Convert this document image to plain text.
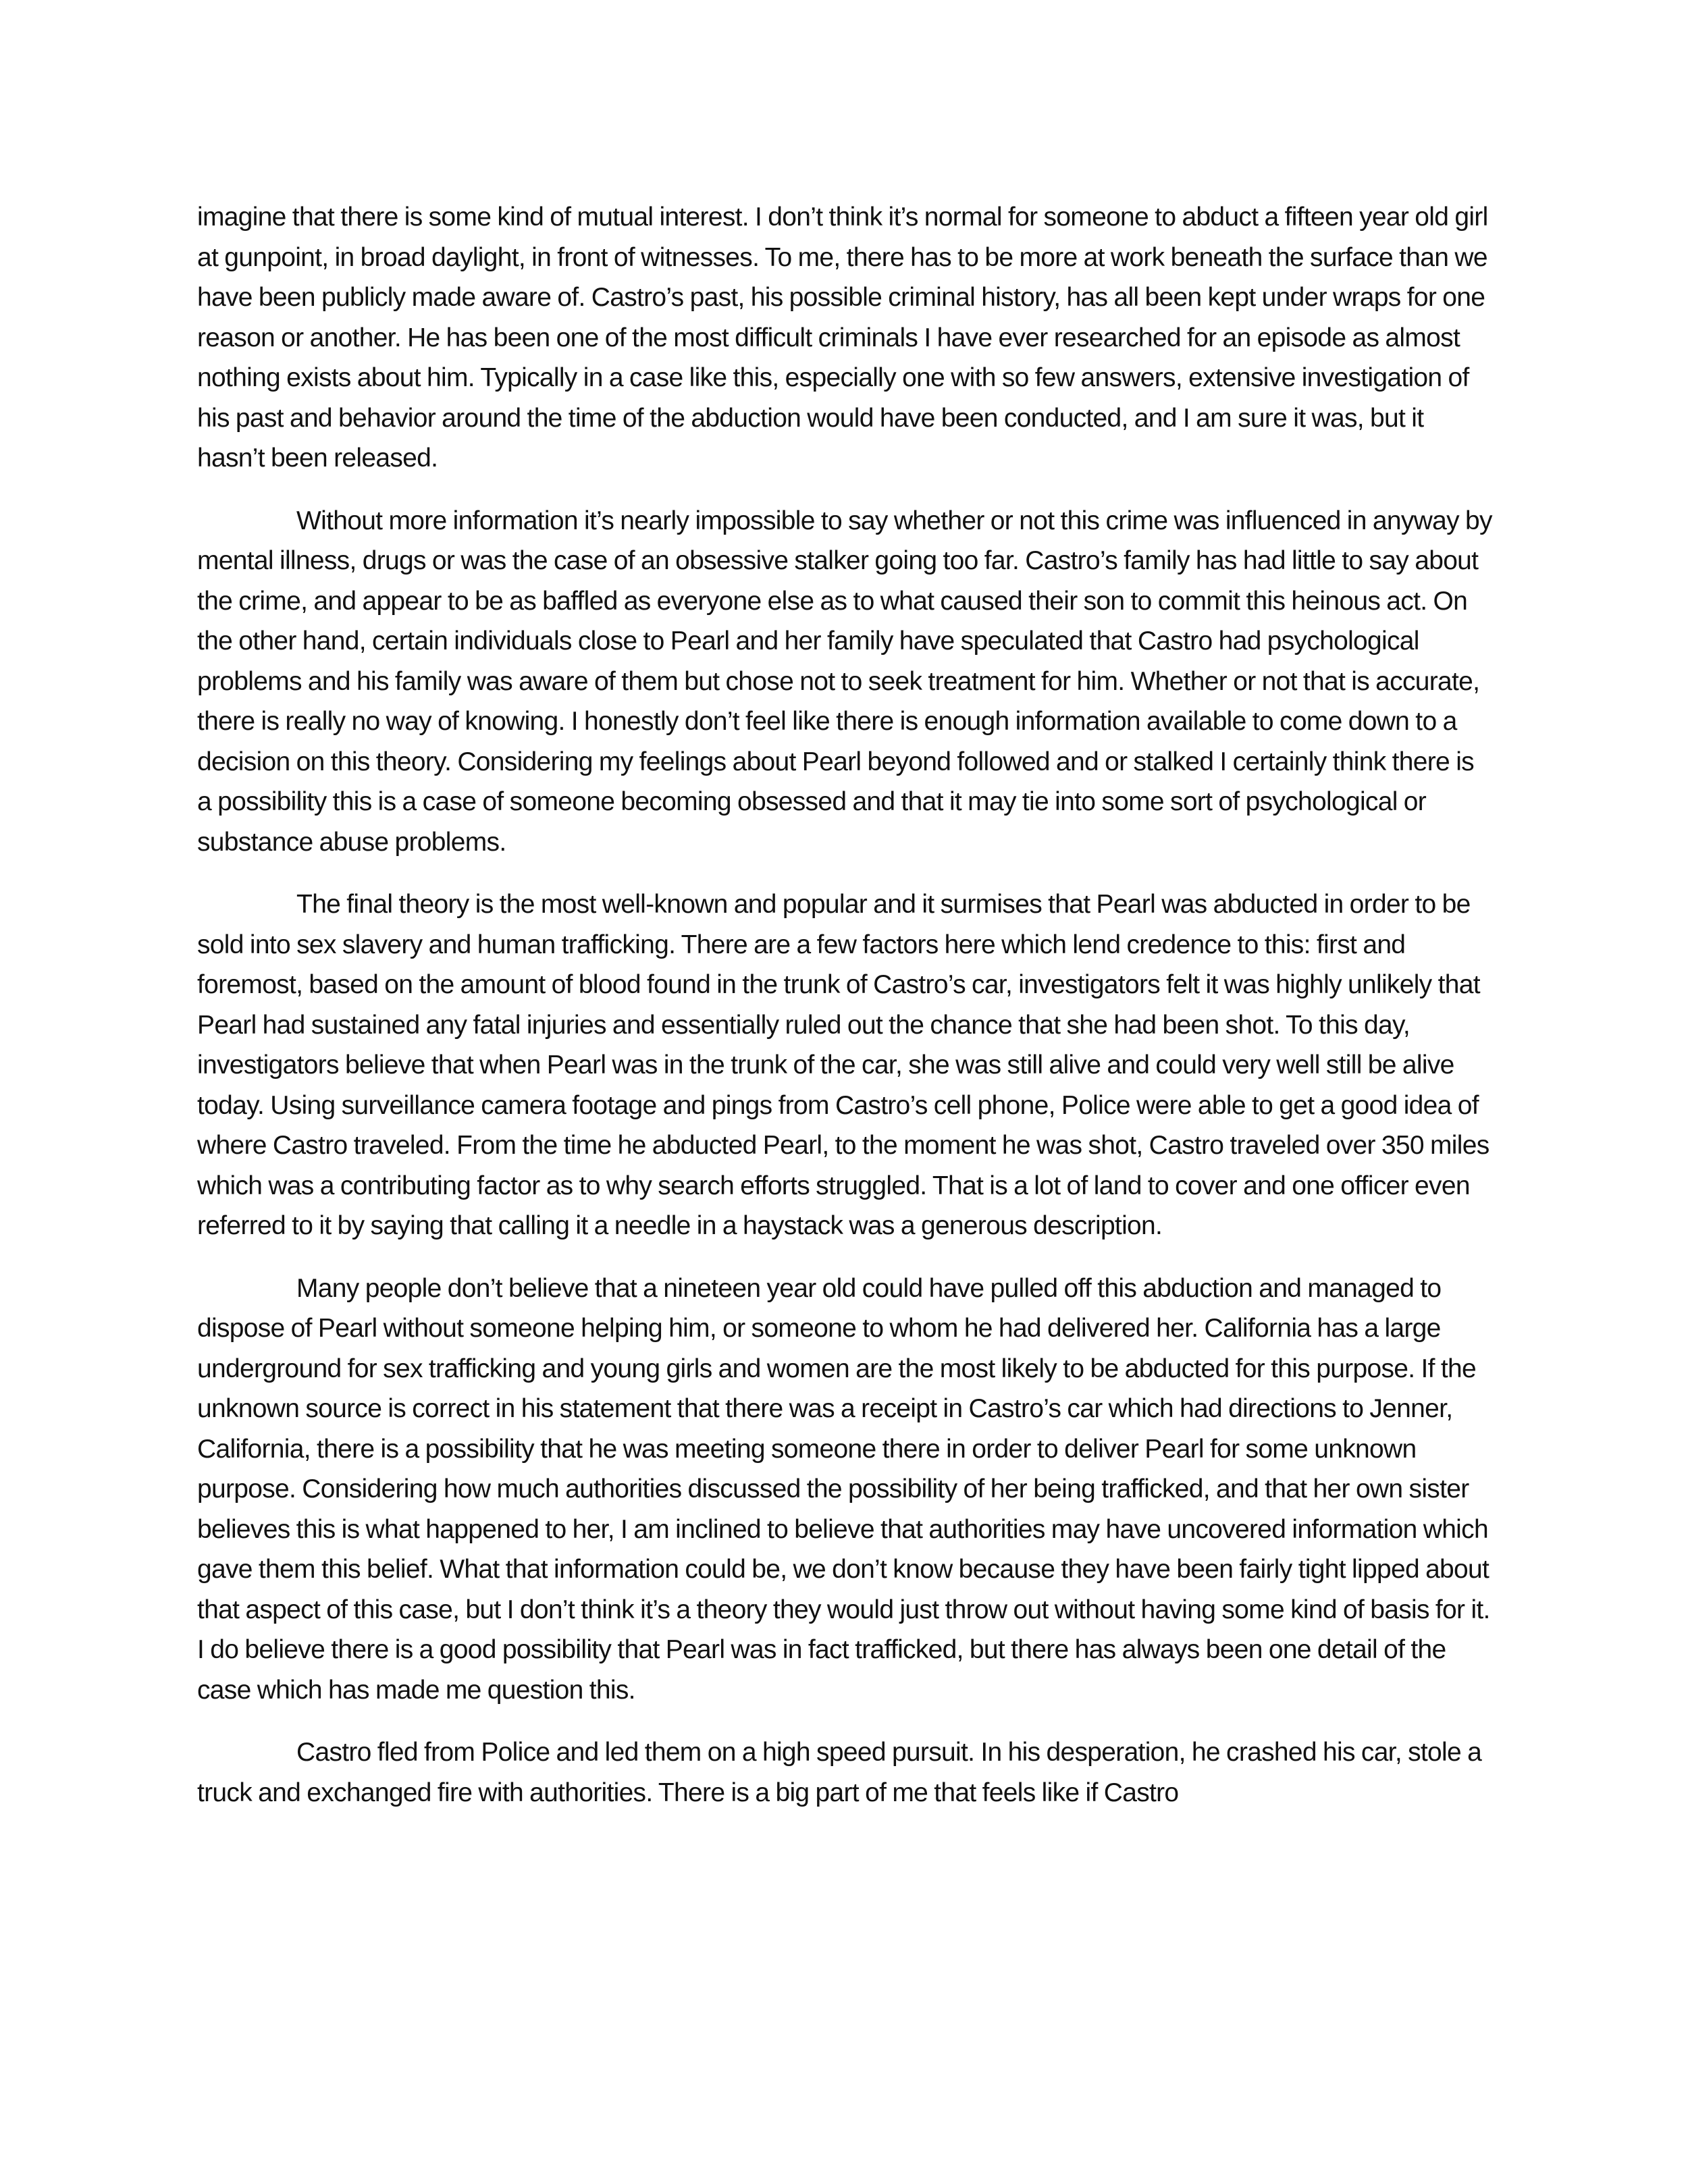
imagine that there is some kind of mutual interest. I don’t think it’s normal for someone to abduct a fifteen year old girl at gunpoint, in broad daylight, in front of witnesses. To me, there has to be more at work beneath the surface than we have been publicly made aware of. Castro’s past, his possible criminal history, has all been kept under wraps for one reason or another. He has been one of the most difficult criminals I have ever researched for an episode as almost nothing exists about him. Typically in a case like this, especially one with so few answers, extensive investigation of his past and behavior around the time of the abduction would have been conducted, and I am sure it was, but it hasn’t been released.

Without more information it’s nearly impossible to say whether or not this crime was influenced in anyway by mental illness, drugs or was the case of an obsessive stalker going too far. Castro’s family has had little to say about the crime, and appear to be as baffled as everyone else as to what caused their son to commit this heinous act. On the other hand, certain individuals close to Pearl and her family have speculated that Castro had psychological problems and his family was aware of them but chose not to seek treatment for him. Whether or not that is accurate, there is really no way of knowing. I honestly don’t feel like there is enough information available to come down to a decision on this theory. Considering my feelings about Pearl beyond followed and or stalked I certainly think there is a possibility this is a case of someone becoming obsessed and that it may tie into some sort of psychological or substance abuse problems.

The final theory is the most well-known and popular and it surmises that Pearl was abducted in order to be sold into sex slavery and human trafficking. There are a few factors here which lend credence to this: first and foremost, based on the amount of blood found in the trunk of Castro’s car, investigators felt it was highly unlikely that Pearl had sustained any fatal injuries and essentially ruled out the chance that she had been shot. To this day, investigators believe that when Pearl was in the trunk of the car, she was still alive and could very well still be alive today. Using surveillance camera footage and pings from Castro’s cell phone, Police were able to get a good idea of where Castro traveled. From the time he abducted Pearl, to the moment he was shot, Castro traveled over 350 miles which was a contributing factor as to why search efforts struggled. That is a lot of land to cover and one officer even referred to it by saying that calling it a needle in a haystack was a generous description.

Many people don’t believe that a nineteen year old could have pulled off this abduction and managed to dispose of Pearl without someone helping him, or someone to whom he had delivered her. California has a large underground for sex trafficking and young girls and women are the most likely to be abducted for this purpose. If the unknown source is correct in his statement that there was a receipt in Castro’s car which had directions to Jenner, California, there is a possibility that he was meeting someone there in order to deliver Pearl for some unknown purpose. Considering how much authorities discussed the possibility of her being trafficked, and that her own sister believes this is what happened to her, I am inclined to believe that authorities may have uncovered information which gave them this belief. What that information could be, we don’t know because they have been fairly tight lipped about that aspect of this case, but I don’t think it’s a theory they would just throw out without having some kind of basis for it. I do believe there is a good possibility that Pearl was in fact trafficked, but there has always been one detail of the case which has made me question this.

Castro fled from Police and led them on a high speed pursuit. In his desperation, he crashed his car, stole a truck and exchanged fire with authorities. There is a big part of me that feels like if Castro
